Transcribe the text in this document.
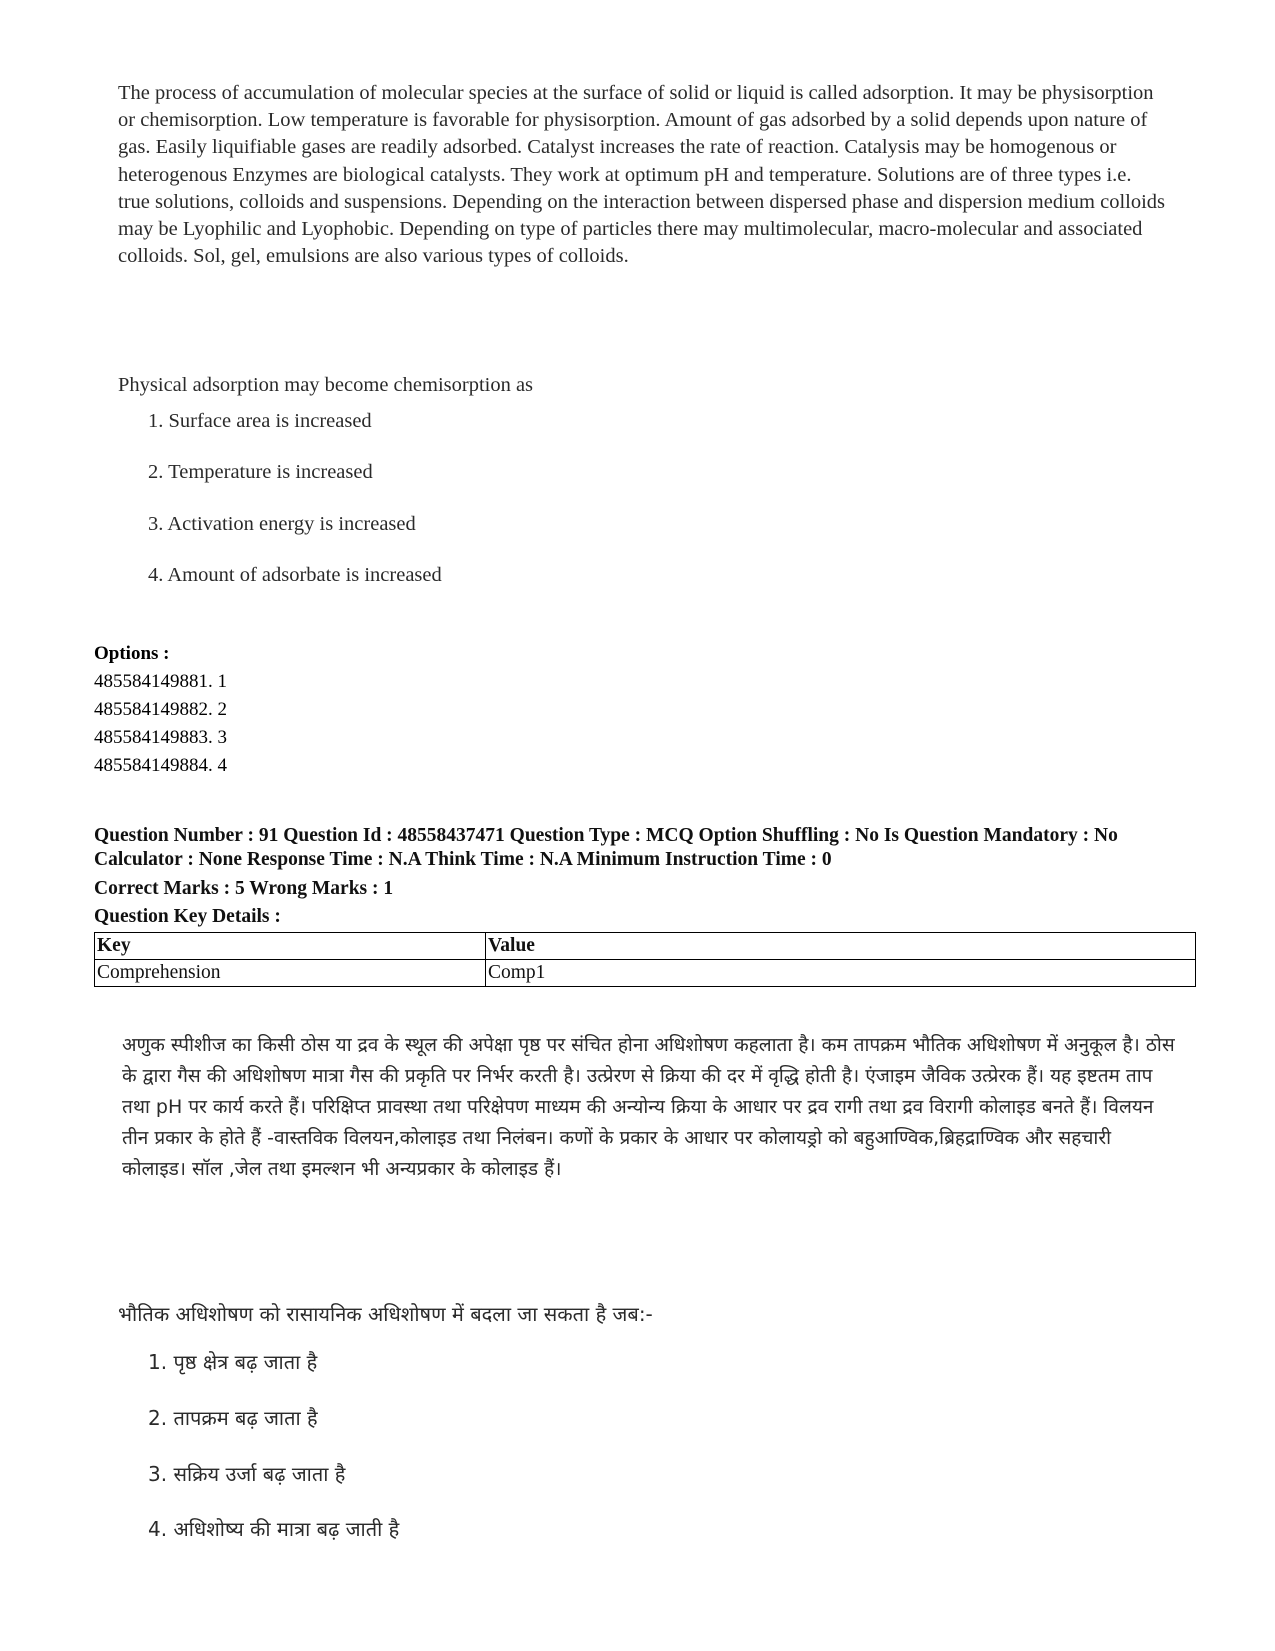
The process of accumulation of molecular species at the surface of solid or liquid is called adsorption. It may be physisorption or chemisorption. Low temperature is favorable for physisorption. Amount of gas adsorbed by a solid depends upon nature of gas. Easily liquifiable gases are readily adsorbed. Catalyst increases the rate of reaction. Catalysis may be homogenous or heterogenous Enzymes are biological catalysts. They work at optimum pH and temperature. Solutions are of three types i.e. true solutions, colloids and suspensions. Depending on the interaction between dispersed phase and dispersion medium colloids may be Lyophilic and Lyophobic. Depending on type of particles there may multimolecular, macro-molecular and associated colloids. Sol, gel, emulsions are also various types of colloids.
Physical adsorption may become chemisorption as
1. Surface area is increased
2. Temperature is increased
3. Activation energy is increased
4. Amount of adsorbate is increased
Options :
485584149881. 1
485584149882. 2
485584149883. 3
485584149884. 4
Question Number : 91 Question Id : 48558437471 Question Type : MCQ Option Shuffling : No Is Question Mandatory : No Calculator : None Response Time : N.A Think Time : N.A Minimum Instruction Time : 0
Correct Marks : 5 Wrong Marks : 1
Question Key Details :
Key	Value
Comprehension	Comp1
अणुक स्पीशीज का किसी ठोस या द्रव के स्थूल की अपेक्षा पृष्ठ पर संचित होना अधिशोषण कहलाता है। कम तापक्रम भौतिक अधिशोषण में अनुकूल है। ठोस के द्वारा गैस की अधिशोषण मात्रा गैस की प्रकृति पर निर्भर करती है। उत्प्रेरण से क्रिया की दर में वृद्धि होती है। एंजाइम जैविक उत्प्रेरक हैं। यह इष्टतम ताप तथा pH पर कार्य करते हैं। परिक्षिप्त प्रावस्था तथा परिक्षेपण माध्यम की अन्योन्य क्रिया के आधार पर द्रव रागी तथा द्रव विरागी कोलाइड बनते हैं। विलयन तीन प्रकार के होते हैं -वास्तविक विलयन,कोलाइड तथा निलंबन। कणों के प्रकार के आधार पर कोलायड्रो को बहुआण्विक,ब्रिहद्राण्विक और सहचारी कोलाइड। सॉल ,जेल तथा इमल्शन भी अन्यप्रकार के कोलाइड हैं।
भौतिक अधिशोषण को रासायनिक अधिशोषण में बदला जा सकता है जब:-
1. पृष्ठ क्षेत्र बढ़ जाता है
2. तापक्रम बढ़ जाता है
3. सक्रिय उर्जा बढ़ जाता है
4. अधिशोष्य की मात्रा बढ़ जाती है
